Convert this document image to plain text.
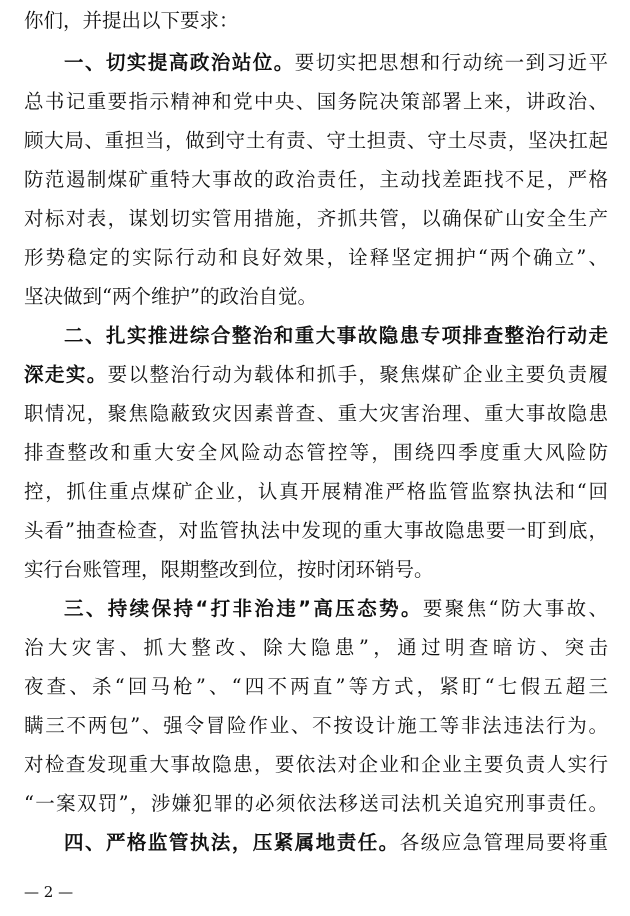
你们，并提出以下要求：
一、切实提高政治站位。要切实把思想和行动统一到习近平
总书记重要指示精神和党中央、国务院决策部署上来，讲政治、
顾大局、重担当，做到守土有责、守土担责、守土尽责，坚决扛起
防范遏制煤矿重特大事故的政治责任，主动找差距找不足，严格
对标对表，谋划切实管用措施，齐抓共管，以确保矿山安全生产
形势稳定的实际行动和良好效果，诠释坚定拥护“两个确立”、
坚决做到“两个维护”的政治自觉。
二、扎实推进综合整治和重大事故隐患专项排查整治行动走
深走实。要以整治行动为载体和抓手，聚焦煤矿企业主要负责履
职情况，聚焦隐蔽致灾因素普查、重大灾害治理、重大事故隐患
排查整改和重大安全风险动态管控等，围绕四季度重大风险防
控，抓住重点煤矿企业，认真开展精准严格监管监察执法和“回
头看”抽查检查，对监管执法中发现的重大事故隐患要一盯到底，
实行台账管理，限期整改到位，按时闭环销号。
三、持续保持“打非治违”高压态势。要聚焦“防大事故、
治大灾害、抓大整改、除大隐患”，通过明查暗访、突击
夜查、杀“回马枪”、“四不两直”等方式，紧盯“七假五超三
瞒三不两包”、强令冒险作业、不按设计施工等非法违法行为。
对检查发现重大事故隐患，要依法对企业和企业主要负责人实行
“一案双罚”，涉嫌犯罪的必须依法移送司法机关追究刑事责任。
四、严格监管执法，压紧属地责任。各级应急管理局要将重
— 2 —
